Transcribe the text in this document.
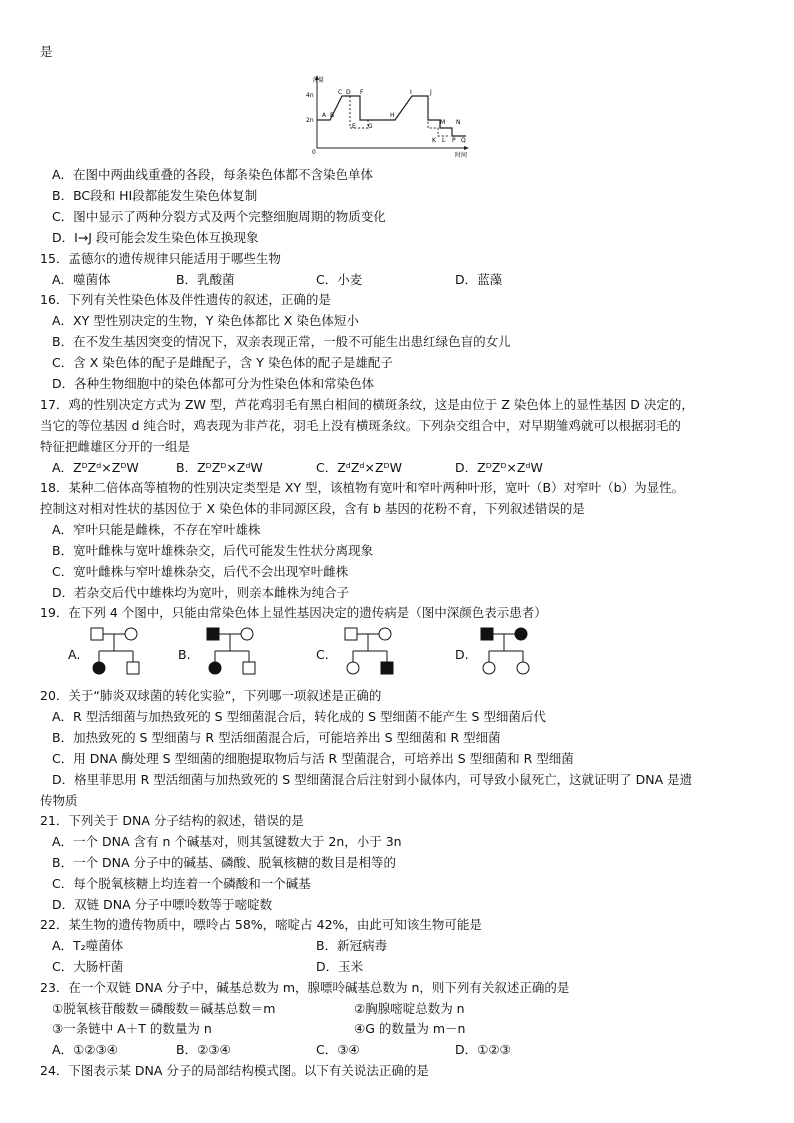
是
含量
4n
2n
0	时间
A B
C D
E
F
G
H
I	J
K L
M N
P Q
A．在图中两曲线重叠的各段，每条染色体都不含染色单体
B．BC段和 HI段都能发生染色体复制
C．图中显示了两种分裂方式及两个完整细胞周期的物质变化
D．I→J 段可能会发生染色体互换现象
15．孟德尔的遗传规律只能适用于哪些生物
A．噬菌体	B．乳酸菌	C．小麦	D．蓝藻
16．下列有关性染色体及伴性遗传的叙述，正确的是
A．XY 型性别决定的生物，Y 染色体都比 X 染色体短小
B．在不发生基因突变的情况下，双亲表现正常，一般不可能生出患红绿色盲的女儿
C．含 X 染色体的配子是雌配子，含 Y 染色体的配子是雄配子
D．各种生物细胞中的染色体都可分为性染色体和常染色体
17．鸡的性别决定方式为 ZW 型，芦花鸡羽毛有黑白相间的横斑条纹，这是由位于 Z 染色体上的显性基因 D 决定的，
当它的等位基因 d 纯合时，鸡表现为非芦花，羽毛上没有横斑条纹。下列杂交组合中，对早期雏鸡就可以根据羽毛的
特征把雌雄区分开的一组是
A．ZᴰZᵈ×ZᴰW	B．ZᴰZᴰ×ZᵈW	C．ZᵈZᵈ×ZᴰW	D．ZᴰZᴰ×ZᵈW
18．某种二倍体高等植物的性别决定类型是 XY 型，该植物有宽叶和窄叶两种叶形，宽叶（B）对窄叶（b）为显性。
控制这对相对性状的基因位于 X 染色体的非同源区段，含有 b 基因的花粉不育，下列叙述错误的是
A．窄叶只能是雌株，不存在窄叶雄株
B．宽叶雌株与宽叶雄株杂交，后代可能发生性状分离现象
C．宽叶雌株与窄叶雄株杂交，后代不会出现窄叶雌株
D．若杂交后代中雄株均为宽叶，则亲本雌株为纯合子
19．在下列 4 个图中，只能由常染色体上显性基因决定的遗传病是（图中深颜色表示患者）
A.	B.	C.	D.
20．关于“肺炎双球菌的转化实验”，下列哪一项叙述是正确的
A．R 型活细菌与加热致死的 S 型细菌混合后，转化成的 S 型细菌不能产生 S 型细菌后代
B．加热致死的 S 型细菌与 R 型活细菌混合后，可能培养出 S 型细菌和 R 型细菌
C．用 DNA 酶处理 S 型细菌的细胞提取物后与活 R 型菌混合，可培养出 S 型细菌和 R 型细菌
D．格里菲思用 R 型活细菌与加热致死的 S 型细菌混合后注射到小鼠体内，可导致小鼠死亡，这就证明了 DNA 是遗
传物质
21．下列关于 DNA 分子结构的叙述，错误的是
A．一个 DNA 含有 n 个碱基对，则其氢键数大于 2n，小于 3n
B．一个 DNA 分子中的碱基、磷酸、脱氧核糖的数目是相等的
C．每个脱氧核糖上均连着一个磷酸和一个碱基
D．双链 DNA 分子中嘌呤数等于嘧啶数
22．某生物的遗传物质中，嘌呤占 58%，嘧啶占 42%，由此可知该生物可能是
A．T₂噬菌体	B．新冠病毒
C．大肠杆菌	D．玉米
23．在一个双链 DNA 分子中，碱基总数为 m，腺嘌呤碱基总数为 n，则下列有关叙述正确的是
①脱氧核苷酸数＝磷酸数＝碱基总数＝m	②胸腺嘧啶总数为 n
③一条链中 A＋T 的数量为 n	④G 的数量为 m－n
A．①②③④	B．②③④	C．③④	D．①②③
24．下图表示某 DNA 分子的局部结构模式图。以下有关说法正确的是
